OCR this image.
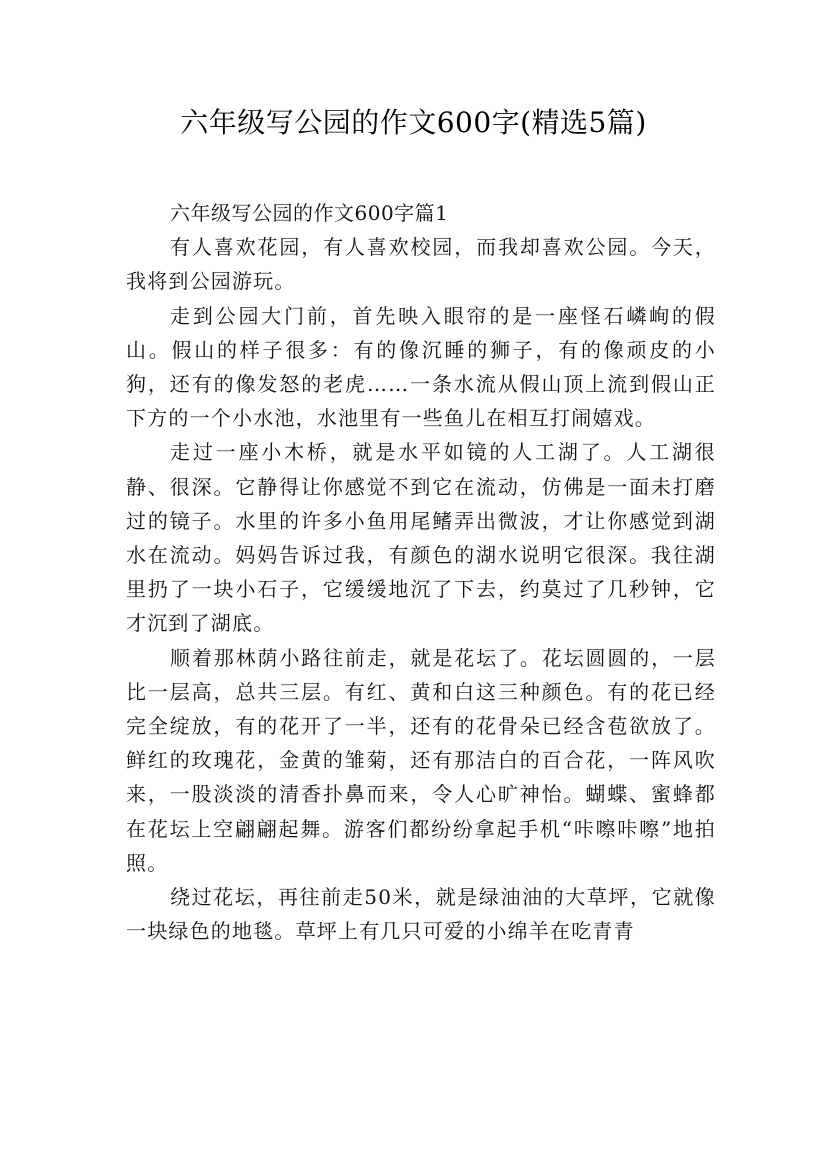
六年级写公园的作文600字(精选5篇)

六年级写公园的作文600字篇1

有人喜欢花园，有人喜欢校园，而我却喜欢公园。今天，我将到公园游玩。

走到公园大门前，首先映入眼帘的是一座怪石嶙峋的假山。假山的样子很多：有的像沉睡的狮子，有的像顽皮的小狗，还有的像发怒的老虎……一条水流从假山顶上流到假山正下方的一个小水池，水池里有一些鱼儿在相互打闹嬉戏。

走过一座小木桥，就是水平如镜的人工湖了。人工湖很静、很深。它静得让你感觉不到它在流动，仿佛是一面未打磨过的镜子。水里的许多小鱼用尾鳍弄出微波，才让你感觉到湖水在流动。妈妈告诉过我，有颜色的湖水说明它很深。我往湖里扔了一块小石子，它缓缓地沉了下去，约莫过了几秒钟，它才沉到了湖底。

顺着那林荫小路往前走，就是花坛了。花坛圆圆的，一层比一层高，总共三层。有红、黄和白这三种颜色。有的花已经完全绽放，有的花开了一半，还有的花骨朵已经含苞欲放了。鲜红的玫瑰花，金黄的雏菊，还有那洁白的百合花，一阵风吹来，一股淡淡的清香扑鼻而来，令人心旷神怡。蝴蝶、蜜蜂都在花坛上空翩翩起舞。游客们都纷纷拿起手机“咔嚓咔嚓”地拍照。

绕过花坛，再往前走50米，就是绿油油的大草坪，它就像一块绿色的地毯。草坪上有几只可爱的小绵羊在吃青青
